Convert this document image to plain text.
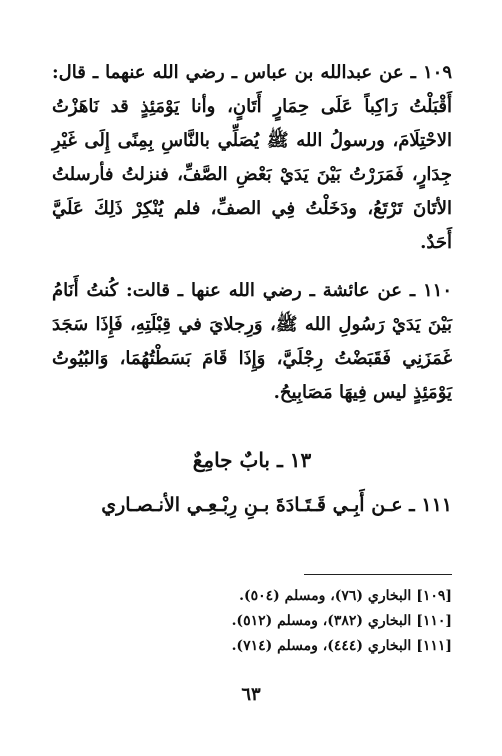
١٠٩ ـ عن عبدالله بن عباس ـ رضي الله عنهما ـ قال: أَقْبَلْتُ رَاكِباً عَلَى حِمَارٍ أَتَانٍ، وأنا يَوْمَئِذٍ قد نَاهَزْتُ الاحْتِلَامَ، ورسولُ الله ﷺ يُصَلِّي بالنَّاسِ بِمِنًى إِلَى غَيْرِ جِدَارٍ، فَمَرَرْتُ بَيْنَ يَدَيْ بَعْضِ الصَّفِّ، فنزلتُ فأرسلتُ الأتَانَ تَرْتَعُ، ودَخَلْتُ فِي الصفِّ، فلم يُنْكِرْ ذَلِكَ عَلَيَّ أَحَدٌ.

١١٠ ـ عن عائشة ـ رضي الله عنها ـ قالت: كُنتُ أَنَامُ بَيْنَ يَدَيْ رَسُولِ الله ﷺ، وَرِجلايَ في قِبْلَتِهِ، فَإِذَا سَجَدَ غَمَزَنِي فَقَبَضْتُ رِجْلَيَّ، وَإِذَا قَامَ بَسَطْتُهُمَا، وَالبُيُوتُ يَوْمَئِذٍ ليس فِيهَا مَصَابِيحُ.

١٣ ـ بابٌ جامِعٌ

١١١ ـ عـن أَبِـي قَـتَـادَةَ بـنِ رِبْـعِـي الأنـصـاري

[١٠٩] البخاري (٧٦)، ومسلم (٥٠٤).
[١١٠] البخاري (٣٨٢)، ومسلم (٥١٢).
[١١١] البخاري (٤٤٤)، ومسلم (٧١٤).
٦٣
